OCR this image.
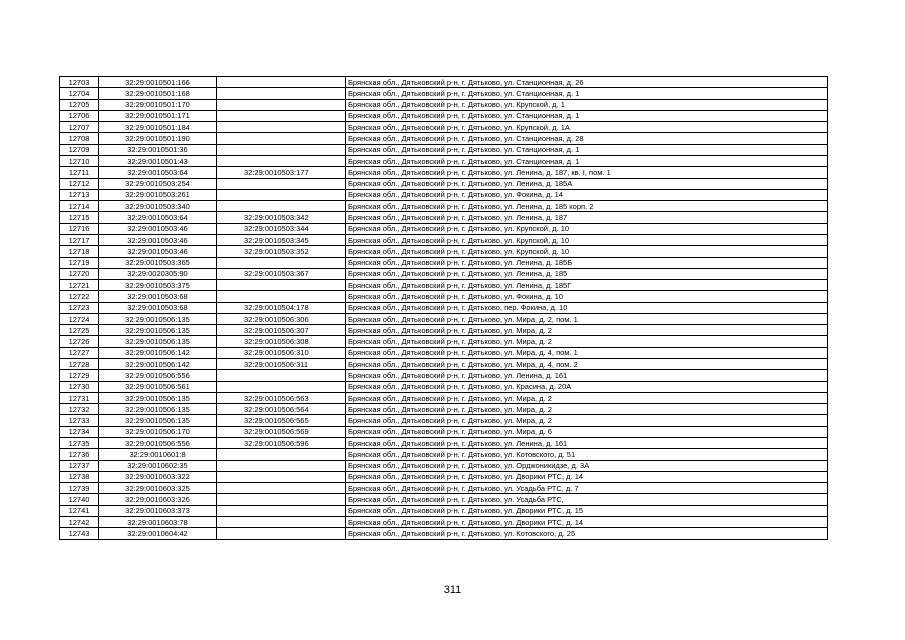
12703	32:29:0010501:166		Брянская обл., Дятьковский р-н, г. Дятьково, ул. Станционная, д. 26
12704	32:29:0010501:168		Брянская обл., Дятьковский р-н, г. Дятьково, ул. Станционная, д. 1
12705	32:29:0010501:170		Брянская обл., Дятьковский р-н, г. Дятьково, ул. Крупской, д. 1
12706	32:29:0010501:171		Брянская обл., Дятьковский р-н, г. Дятьково, ул. Станционная, д. 1
12707	32:29:0010501:184		Брянская обл., Дятьковский р-н, г. Дятьково, ул. Крупской, д. 1А
12708	32:29:0010501:190		Брянская обл., Дятьковский р-н, г. Дятьково, ул. Станционная, д. 28
12709	32:29:0010501:36		Брянская обл., Дятьковский р-н, г. Дятьково, ул. Станционная, д. 1
12710	32:29:0010501:43		Брянская обл., Дятьковский р-н, г. Дятьково, ул. Станционная, д. 1
12711	32:29:0010503:64	32:29:0010503:177	Брянская обл., Дятьковский р-н, г. Дятьково, ул. Ленина, д. 187, кв. I, пом. 1
12712	32:29:0010503:254		Брянская обл., Дятьковский р-н, г. Дятьково, ул. Ленина, д. 185А
12713	32:29:0010503:261		Брянская обл., Дятьковский р-н, г. Дятьково, ул. Фокина, д. 14
12714	32:29:0010503:340		Брянская обл., Дятьковский р-н, г. Дятьково, ул. Ленина, д. 185 корп. 2
12715	32:29:0010503:64	32:29:0010503:342	Брянская обл., Дятьковский р-н, г. Дятьково, ул. Ленина, д. 187
12716	32:29:0010503:46	32:29:0010503:344	Брянская обл., Дятьковский р-н, г. Дятьково, ул. Крупской, д. 10
12717	32:29:0010503:46	32:29:0010503:345	Брянская обл., Дятьковский р-н, г. Дятьково, ул. Крупской, д. 10
12718	32:29:0010503:46	32:29:0010503:352	Брянская обл., Дятьковский р-н, г. Дятьково, ул. Крупской, д. 10
12719	32:29:0010503:365		Брянская обл., Дятьковский р-н, г. Дятьково, ул. Ленина, д. 185Б
12720	32:29:0020305:90	32:29:0010503:367	Брянская обл., Дятьковский р-н, г. Дятьково, ул. Ленина, д. 185
12721	32:29:0010503:375		Брянская обл., Дятьковский р-н, г. Дятьково, ул. Ленина, д. 185Г
12722	32:29:0010503:68		Брянская обл., Дятьковский р-н, г. Дятьково, ул. Фокина, д. 10
12723	32:29:0010503:68	32:29:0010504:178	Брянская обл., Дятьковский р-н, г. Дятьково, пер. Фокина, д. 10
12724	32:29:0010506:135	32:29:0010506:306	Брянская обл., Дятьковский р-н, г. Дятьково, ул. Мира, д. 2, пом. 1
12725	32:29:0010506:135	32:29:0010506:307	Брянская обл., Дятьковский р-н, г. Дятьково, ул. Мира, д. 2
12726	32:29:0010506:135	32:29:0010506:308	Брянская обл., Дятьковский р-н, г. Дятьково, ул. Мира, д. 2
12727	32:29:0010506:142	32:29:0010506:310	Брянская обл., Дятьковский р-н, г. Дятьково, ул. Мира, д. 4, пом. 1
12728	32:29:0010506:142	32:29:0010506:311	Брянская обл., Дятьковский р-н, г. Дятьково, ул. Мира, д. 4, пом. 2
12729	32:29:0010506:556		Брянская обл., Дятьковский р-н, г. Дятьково, ул. Ленина, д. 161
12730	32:29:0010506:561		Брянская обл., Дятьковский р-н, г. Дятьково, ул. Красина, д. 20А
12731	32:29:0010506:135	32:29:0010506:563	Брянская обл., Дятьковский р-н, г. Дятьково, ул. Мира, д. 2
12732	32:29:0010506:135	32:29:0010506:564	Брянская обл., Дятьковский р-н, г. Дятьково, ул. Мира, д. 2
12733	32:29:0010506:135	32:29:0010506:565	Брянская обл., Дятьковский р-н, г. Дятьково, ул. Мира, д. 2
12734	32:29:0010506:170	32:29:0010506:569	Брянская обл., Дятьковский р-н, г. Дятьково, ул. Мира, д. 6
12735	32:29:0010506:556	32:29:0010506:596	Брянская обл., Дятьковский р-н, г. Дятьково, ул. Ленина, д. 161
12736	32:29:0010601:8		Брянская обл., Дятьковский р-н, г. Дятьково, ул. Котовского, д. 51
12737	32:29:0010602:35		Брянская обл., Дятьковский р-н, г. Дятьково, ул. Орджоникидзе, д. 3А
12738	32:29:0010603:322		Брянская обл., Дятьковский р-н, г. Дятьково, ул. Дворики РТС, д. 14
12739	32:29:0010603:325		Брянская обл., Дятьковский р-н, г. Дятьково, ул. Усадьба РТС, д. 7
12740	32:29:0010603:326		Брянская обл., Дятьковский р-н, г. Дятьково, ул. Усадьба РТС,
12741	32:29:0010603:373		Брянская обл., Дятьковский р-н, г. Дятьково, ул. Дворики РТС, д. 15
12742	32:29:0010603:78		Брянская обл., Дятьковский р-н, г. Дятьково, ул. Дворики РТС, д. 14
12743	32:29:0010604:42		Брянская обл., Дятьковский р-н, г. Дятьково, ул. Котовского, д. 25
311
